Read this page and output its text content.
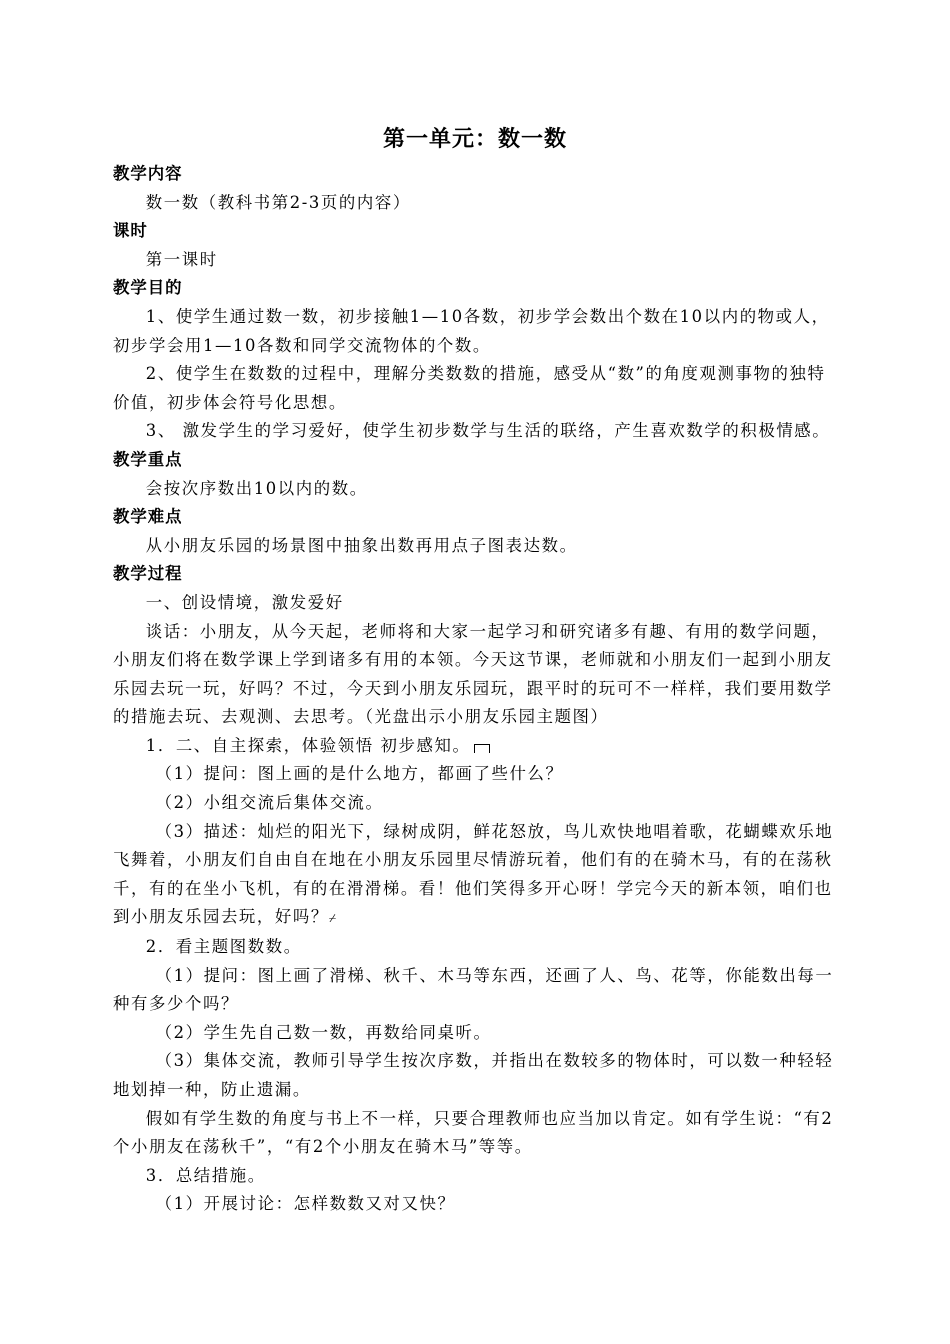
第一单元：数一数

教学内容

数一数（教科书第2-3页的内容）

课时

第一课时

教学目的

1、使学生通过数一数，初步接触1—10各数，初步学会数出个数在10以内的物或人，初步学会用1—10各数和同学交流物体的个数。

2、使学生在数数的过程中，理解分类数数的措施，感受从“数”的角度观测事物的独特价值，初步体会符号化思想。

3、 激发学生的学习爱好，使学生初步数学与生活的联络，产生喜欢数学的积极情感。

教学重点

会按次序数出10以内的数。

教学难点

从小朋友乐园的场景图中抽象出数再用点子图表达数。

教学过程

一、创设情境，激发爱好

谈话：小朋友，从今天起，老师将和大家一起学习和研究诸多有趣、有用的数学问题，小朋友们将在数学课上学到诸多有用的本领。今天这节课，老师就和小朋友们一起到小朋友乐园去玩一玩，好吗？不过，今天到小朋友乐园玩，跟平时的玩可不一样样，我们要用数学的措施去玩、去观测、去思考。（光盘出示小朋友乐园主题图）

1．二、自主探索，体验领悟 初步感知。

（1）提问：图上画的是什么地方，都画了些什么？

（2）小组交流后集体交流。

（3）描述：灿烂的阳光下，绿树成阴，鲜花怒放，鸟儿欢快地唱着歌，花蝴蝶欢乐地飞舞着，小朋友们自由自在地在小朋友乐园里尽情游玩着，他们有的在骑木马，有的在荡秋千，有的在坐小飞机，有的在滑滑梯。看！他们笑得多开心呀！学完今天的新本领，咱们也到小朋友乐园去玩，好吗？⌿

2．看主题图数数。

（1）提问：图上画了滑梯、秋千、木马等东西，还画了人、鸟、花等，你能数出每一种有多少个吗？

（2）学生先自己数一数，再数给同桌听。

（3）集体交流，教师引导学生按次序数，并指出在数较多的物体时，可以数一种轻轻地划掉一种，防止遗漏。

假如有学生数的角度与书上不一样，只要合理教师也应当加以肯定。如有学生说：“有2个小朋友在荡秋千”，“有2个小朋友在骑木马”等等。

3．总结措施。

（1）开展讨论：怎样数数又对又快？
